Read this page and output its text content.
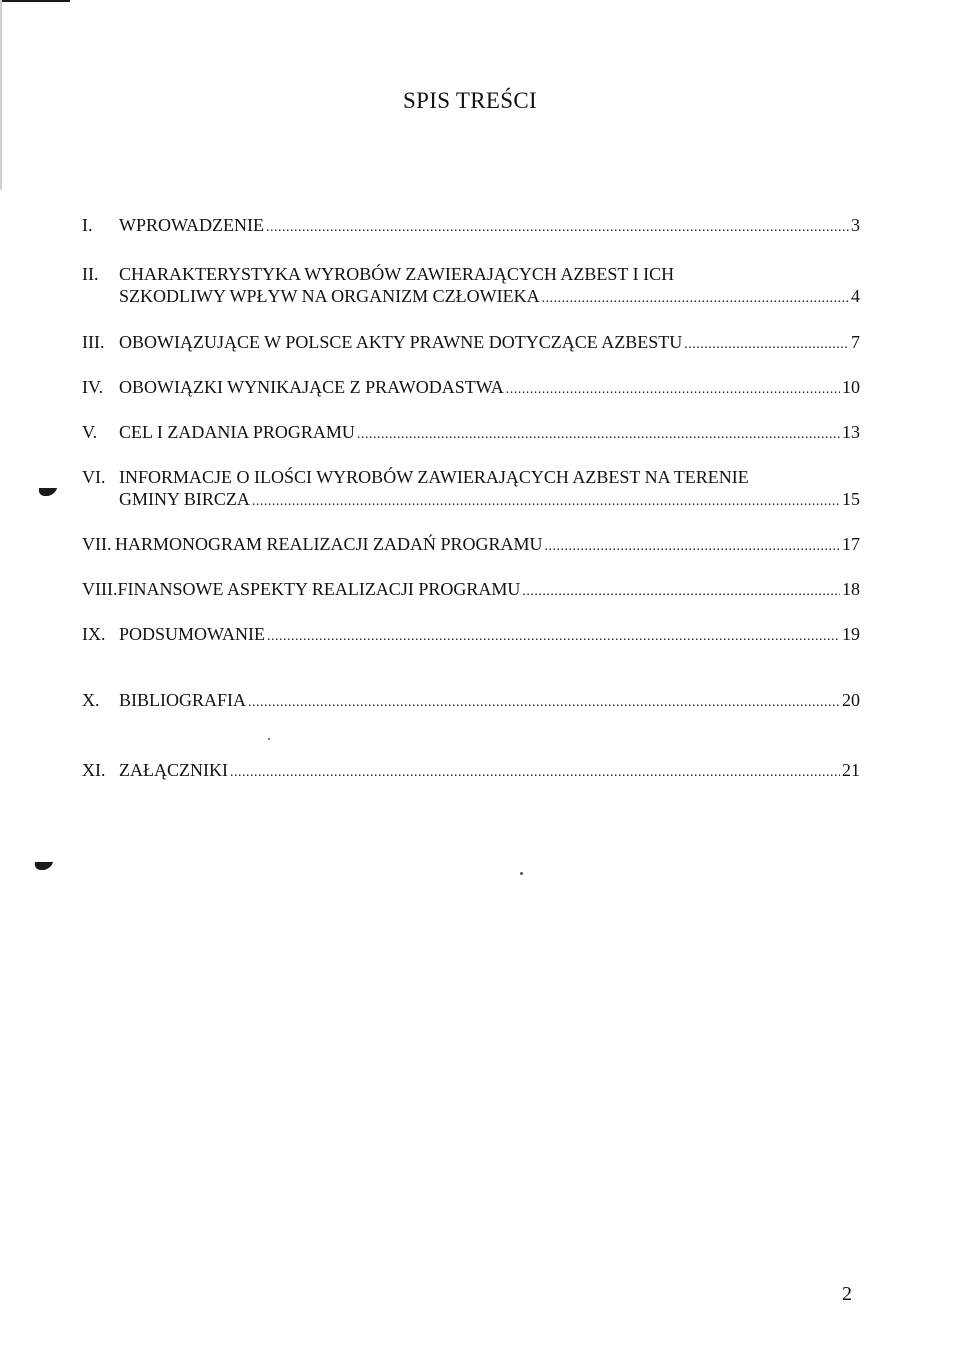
SPIS TREŚCI
I.	WPROWADZENIE .....	3
II.	CHARAKTERYSTYKA WYROBÓW ZAWIERAJĄCYCH AZBEST I ICH
SZKODLIWY WPŁYW NA ORGANIZM CZŁOWIEKA .....	4
III. OBOWIĄZUJĄCE W POLSCE AKTY PRAWNE DOTYCZĄCE AZBESTU .....	7
IV. OBOWIĄZKI WYNIKAJĄCE Z PRAWODASTWA .....	10
V.	CEL I ZADANIA PROGRAMU .....	13
VI. INFORMACJE O ILOŚCI WYROBÓW ZAWIERAJĄCYCH AZBEST NA TERENIE
GMINY BIRCZA .....	15
VII. HARMONOGRAM REALIZACJI ZADAŃ PROGRAMU .....	17
VIII. FINANSOWE ASPEKTY REALIZACJI PROGRAMU .....	18
IX. PODSUMOWANIE .....	19
X.	BIBLIOGRAFIA .....	20
XI. ZAŁĄCZNIKI .....	21
2
